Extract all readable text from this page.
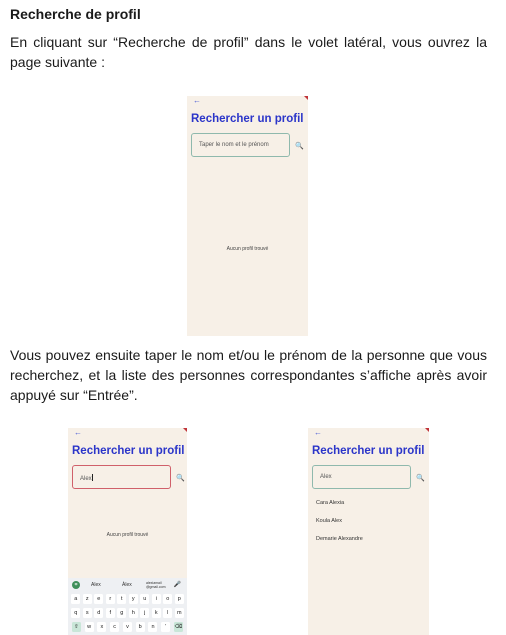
Recherche de profil
En cliquant sur “Recherche de profil” dans le volet latéral, vous ouvrez la page suivante :
←
Rechercher un profil
Taper le nom et le prénom	🔍
Aucun profil trouvé
Vous pouvez ensuite taper le nom et/ou le prénom de la personne que vous recherchez, et la liste des personnes correspondantes s’affiche après avoir appuyé sur “Entrée”.
←
Rechercher un profil
Alex	🔍
Aucun profil trouvé
⌗	Alex	Àlex	alexiamail
@gmail.com 🎤
a	z	e	r	t	y	u	i	o	p
q	s	d	f	g	h	j	k	l	m
⇧	w	x	c	v	b	n	'	⌫
←
Rechercher un profil
Alex	🔍
Cara Alexia
Koula Alex
Demarie Alexandre
